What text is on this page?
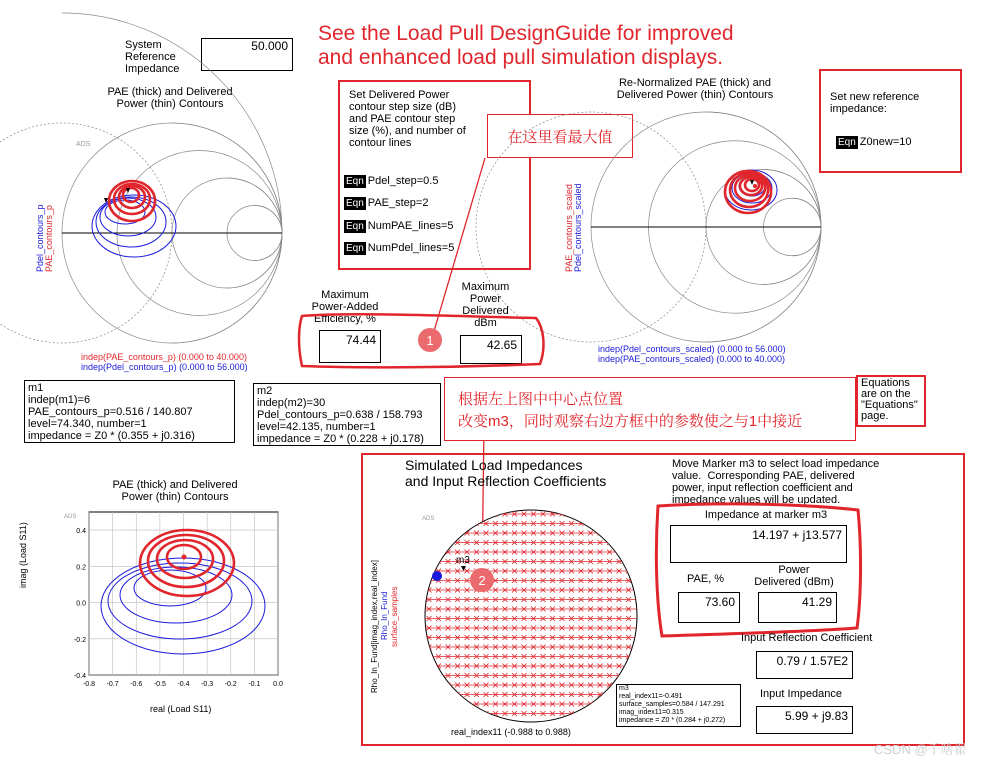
See the Load Pull DesignGuide for improved
and enhanced load pull simulation displays.
System
Reference
Impedance
50.000
PAE (thick) and Delivered
Power (thin) Contours
ADS
PAE_contours_p
Pdel_contours_p
indep(PAE_contours_p) (0.000 to 40.000)
indep(Pdel_contours_p) (0.000 to 56.000)
Set Delivered Power
contour step size (dB)
and PAE contour step
size (%), and number of
contour lines
Eqn Pdel_step=0.5
Eqn PAE_step=2
Eqn NumPAE_lines=5
Eqn NumPdel_lines=5
在这里看最大值
Re-Normalized PAE (thick) and
Delivered Power (thin) Contours
PAE_contours_scaled Pdel_contours_scaled
indep(Pdel_contours_scaled) (0.000 to 56.000)
indep(PAE_contours_scaled) (0.000 to 40.000)
Set new reference
impedance:
Eqn Z0new=10
Maximum
Power-Added
Efficiency, %
Maximum
Power
Delivered
dBm
74.44	42.65
1
m1
indep(m1)=6
PAE_contours_p=0.516 / 140.807
level=74.340, number=1
impedance = Z0 * (0.355 + j0.316)
m2
indep(m2)=30
Pdel_contours_p=0.638 / 158.793
level=42.135, number=1
impedance = Z0 * (0.228 + j0.178)
根据左上图中中心点位置
改变m3，同时观察右边方框中的参数使之与1中接近
Equations
are on the
"Equations"
page.
PAE (thick) and Delivered
Power (thin) Contours
-0.8 -0.7 -0.6 -0.5 -0.4 -0.3 -0.2 -0.1 0.0
0.4
0.2
0.0
-0.2
-0.4
ADS
real (Load S11)
imag (Load S11)
Simulated Load Impedances
and Input Reflection Coefficients
ADS
m3
2
Rho_In_Fund[imag_index,real_index] Rho_In_Fund surface_samples
real_index11 (-0.988 to 0.988)
m3
real_index11=-0.491
surface_samples=0.584 / 147.291
imag_index11=0.315
impedance = Z0 * (0.284 + j0.272)
Move Marker m3 to select load impedance
value.  Corresponding PAE, delivered
power, input reflection coefficient and
impedance values will be updated.
Impedance at marker m3
14.197 + j13.577
PAE, %
Power
Delivered (dBm)
73.60	41.29
Input Reflection Coefficient
0.79 / 1.57E2
Input Impedance
5.99 + j9.83
CSDN @千啥翟
